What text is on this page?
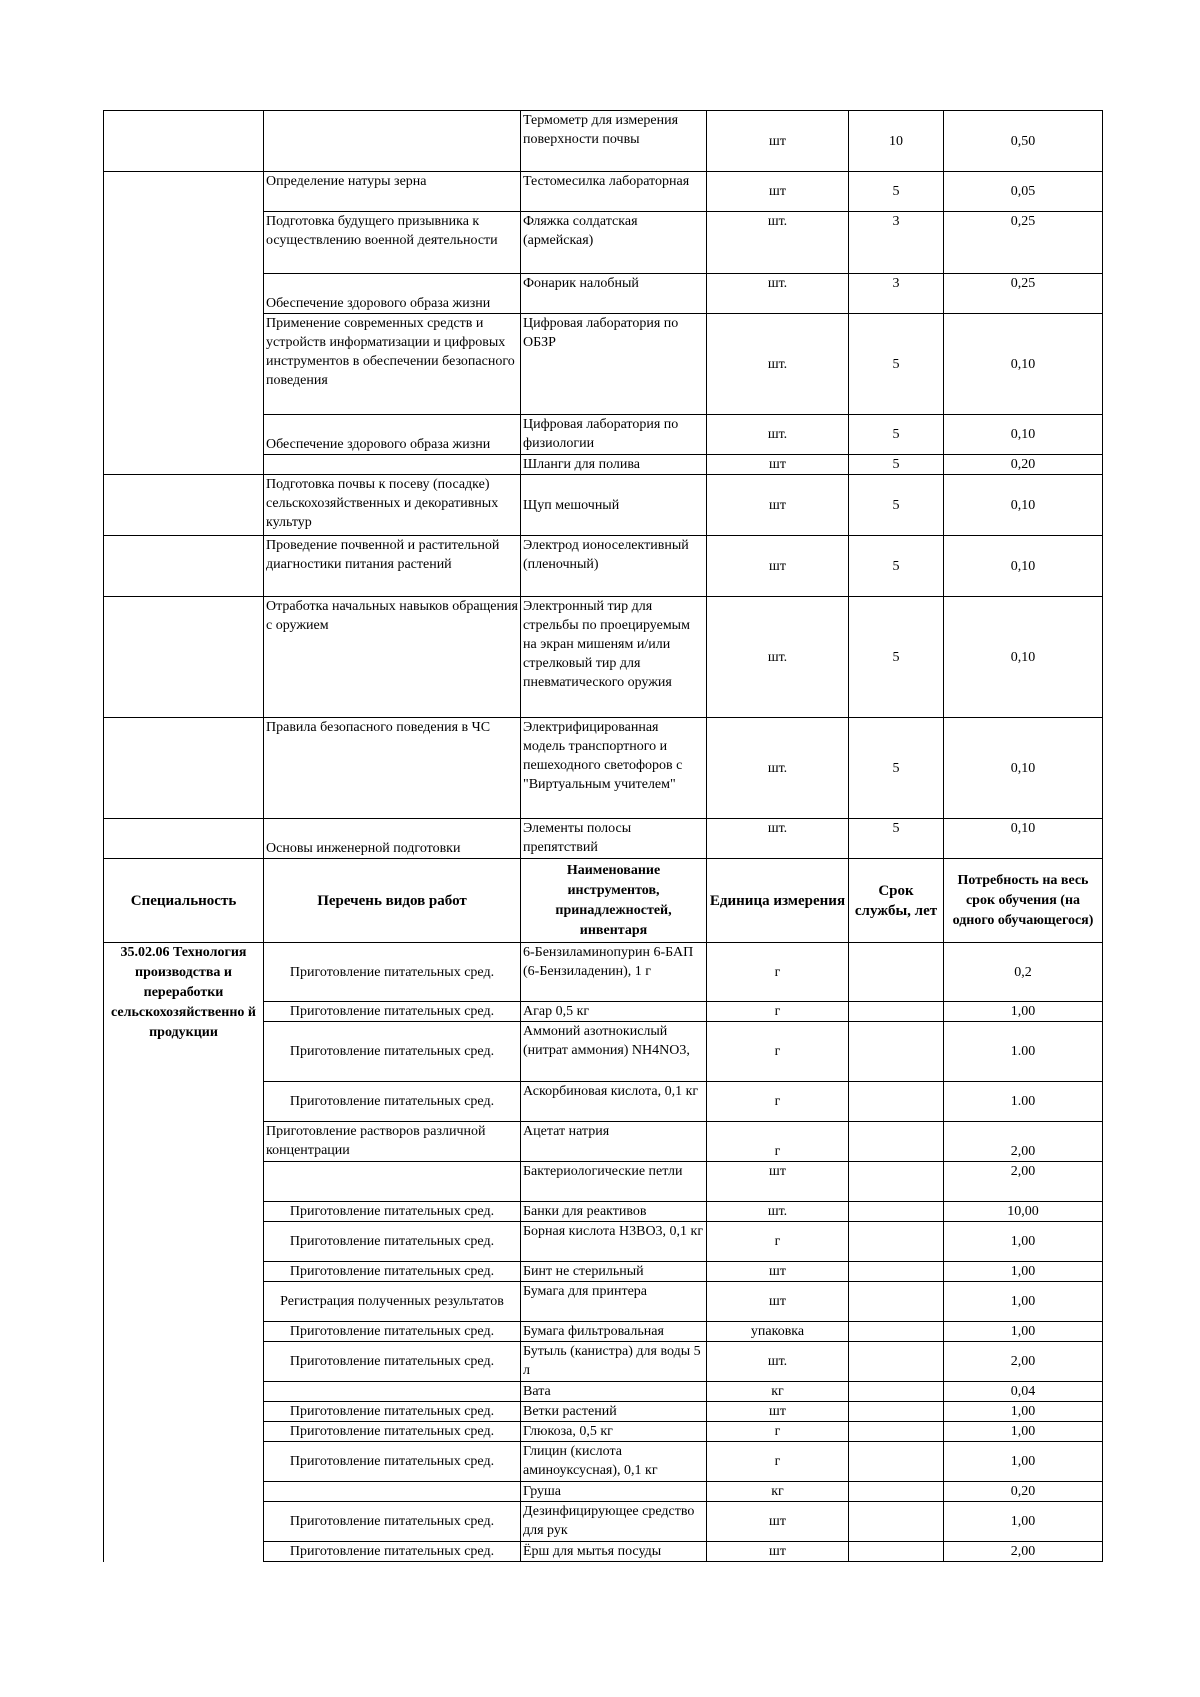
		Термометр для измерения поверхности почвы	шт	10	0,50
	Определение натуры зерна	Тестомесилка лабораторная	шт	5	0,05
	Подготовка будущего призывника к осуществлению военной деятельности	Фляжка солдатская (армейская)	шт.	3	0,25
	Обеспечение здорового образа жизни	Фонарик налобный	шт.	3	0,25
	Применение современных средств и устройств информатизации и цифровых инструментов в обеспечении безопасного поведения	Цифровая лаборатория по ОБЗР	шт.	5	0,10
	Обеспечение здорового образа жизни	Цифровая лаборатория по физиологии	шт.	5	0,10
		Шланги для полива	шт	5	0,20
	Подготовка почвы к посеву (посадке) сельскохозяйственных и декоративных культур	Щуп мешочный	шт	5	0,10
	Проведение почвенной и растительной диагностики питания растений	Электрод ионоселективный (пленочный)	шт	5	0,10
	Отработка начальных навыков обращения с оружием	Электронный тир для стрельбы по проецируемым на экран мишеням и/или стрелковый тир для пневматического оружия	шт.	5	0,10
	Правила безопасного поведения в ЧС	Электрифицированная модель транспортного и пешеходного светофоров с "Виртуальным учителем"	шт.	5	0,10
	Основы инженерной подготовки	Элементы полосы препятствий	шт.	5	0,10
Специальность	Перечень видов работ	Наименование инструментов, принадлежностей, инвентаря	Единица измерения	Срок службы, лет	Потребность на весь срок обучения (на одного обучающегося)
35.02.06 Технология производства и переработки сельскохозяйственно й продукции	Приготовление питательных сред.	6-Бензиламинопурин 6-БАП (6-Бензиладенин), 1 г	г		0,2
	Приготовление питательных сред.	Агар 0,5 кг	г		1,00
	Приготовление питательных сред.	Аммоний азотнокислый (нитрат аммония) NH4NO3,	г		1.00
	Приготовление питательных сред.	Аскорбиновая кислота, 0,1 кг	г		1.00
	Приготовление растворов различной концентрации	Ацетат натрия	г		2,00
		Бактериологические петли	шт		2,00
	Приготовление питательных сред.	Банки для реактивов	шт.		10,00
	Приготовление питательных сред.	Борная кислота Н3ВО3, 0,1 кг	г		1,00
	Приготовление питательных сред.	Бинт не стерильный	шт		1,00
	Регистрация полученных результатов	Бумага для принтера	шт		1,00
	Приготовление питательных сред.	Бумага фильтровальная	упаковка		1,00
	Приготовление питательных сред.	Бутыль (канистра) для воды 5 л	шт.		2,00
		Вата	кг		0,04
	Приготовление питательных сред.	Ветки растений	шт		1,00
	Приготовление питательных сред.	Глюкоза, 0,5 кг	г		1,00
	Приготовление питательных сред.	Глицин (кислота аминоуксусная), 0,1 кг	г		1,00
		Груша	кг		0,20
	Приготовление питательных сред.	Дезинфицирующее средство для рук	шт		1,00
	Приготовление питательных сред.	Ёрш для мытья посуды	шт		2,00
